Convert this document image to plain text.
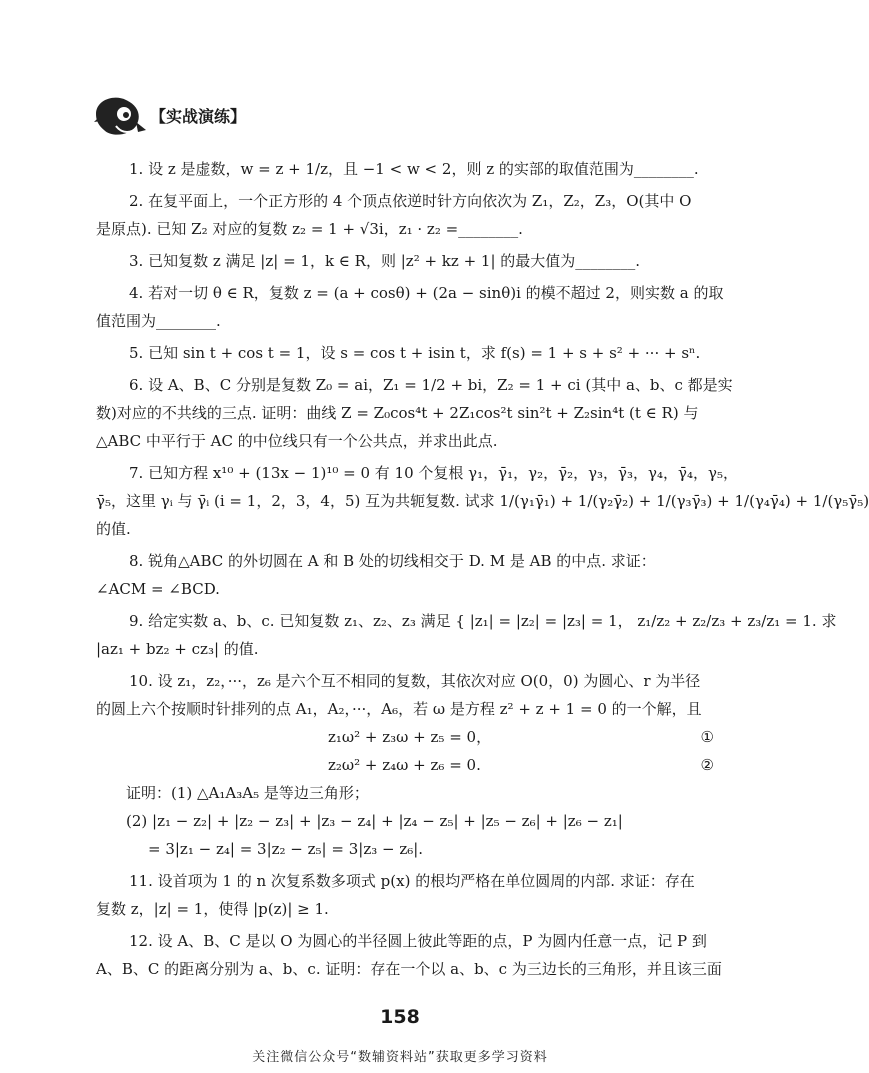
【实战演练】
1. 设 z 是虚数，w = z + 1/z，且 −1 < w < 2，则 z 的实部的取值范围为________.
2. 在复平面上，一个正方形的 4 个顶点依逆时针方向依次为 Z₁，Z₂，Z₃，O(其中 O
是原点). 已知 Z₂ 对应的复数 z₂ = 1 + √3i，z₁ · z₂ =________.
3. 已知复数 z 满足 |z| = 1，k ∈ R，则 |z² + kz + 1| 的最大值为________.
4. 若对一切 θ ∈ R，复数 z = (a + cosθ) + (2a − sinθ)i 的模不超过 2，则实数 a 的取
值范围为________.
5. 已知 sin t + cos t = 1，设 s = cos t + isin t，求 f(s) = 1 + s + s² + ··· + sⁿ.
6. 设 A、B、C 分别是复数 Z₀ = ai，Z₁ = 1/2 + bi，Z₂ = 1 + ci (其中 a、b、c 都是实
数)对应的不共线的三点. 证明：曲线 Z = Z₀cos⁴t + 2Z₁cos²t sin²t + Z₂sin⁴t (t ∈ R) 与
△ABC 中平行于 AC 的中位线只有一个公共点，并求出此点.
7. 已知方程 x¹⁰ + (13x − 1)¹⁰ = 0 有 10 个复根 γ₁，γ̄₁，γ₂，γ̄₂，γ₃，γ̄₃，γ₄，γ̄₄，γ₅，
γ̄₅，这里 γᵢ 与 γ̄ᵢ (i = 1，2，3，4，5) 互为共轭复数. 试求 1/(γ₁γ̄₁) + 1/(γ₂γ̄₂) + 1/(γ₃γ̄₃) + 1/(γ₄γ̄₄) + 1/(γ₅γ̄₅)
的值.
8. 锐角△ABC 的外切圆在 A 和 B 处的切线相交于 D. M 是 AB 的中点. 求证：
∠ACM = ∠BCD.
9. 给定实数 a、b、c. 已知复数 z₁、z₂、z₃ 满足 { |z₁| = |z₂| = |z₃| = 1， z₁/z₂ + z₂/z₃ + z₃/z₁ = 1. 求
|az₁ + bz₂ + cz₃| 的值.
10. 设 z₁，z₂，···，z₆ 是六个互不相同的复数，其依次对应 O(0，0) 为圆心、r 为半径
的圆上六个按顺时针排列的点 A₁，A₂，···，A₆，若 ω 是方程 z² + z + 1 = 0 的一个解，且
z₁ω² + z₃ω + z₅ = 0，	①
z₂ω² + z₄ω + z₆ = 0.	②
证明：(1) △A₁A₃A₅ 是等边三角形；
(2) |z₁ − z₂| + |z₂ − z₃| + |z₃ − z₄| + |z₄ − z₅| + |z₅ − z₆| + |z₆ − z₁|
= 3|z₁ − z₄| = 3|z₂ − z₅| = 3|z₃ − z₆|.
11. 设首项为 1 的 n 次复系数多项式 p(x) 的根均严格在单位圆周的内部. 求证：存在
复数 z，|z| = 1，使得 |p(z)| ≥ 1.
12. 设 A、B、C 是以 O 为圆心的半径圆上彼此等距的点，P 为圆内任意一点，记 P 到
A、B、C 的距离分别为 a、b、c. 证明：存在一个以 a、b、c 为三边长的三角形，并且该三面
158
关注微信公众号“数辅资料站”获取更多学习资料
